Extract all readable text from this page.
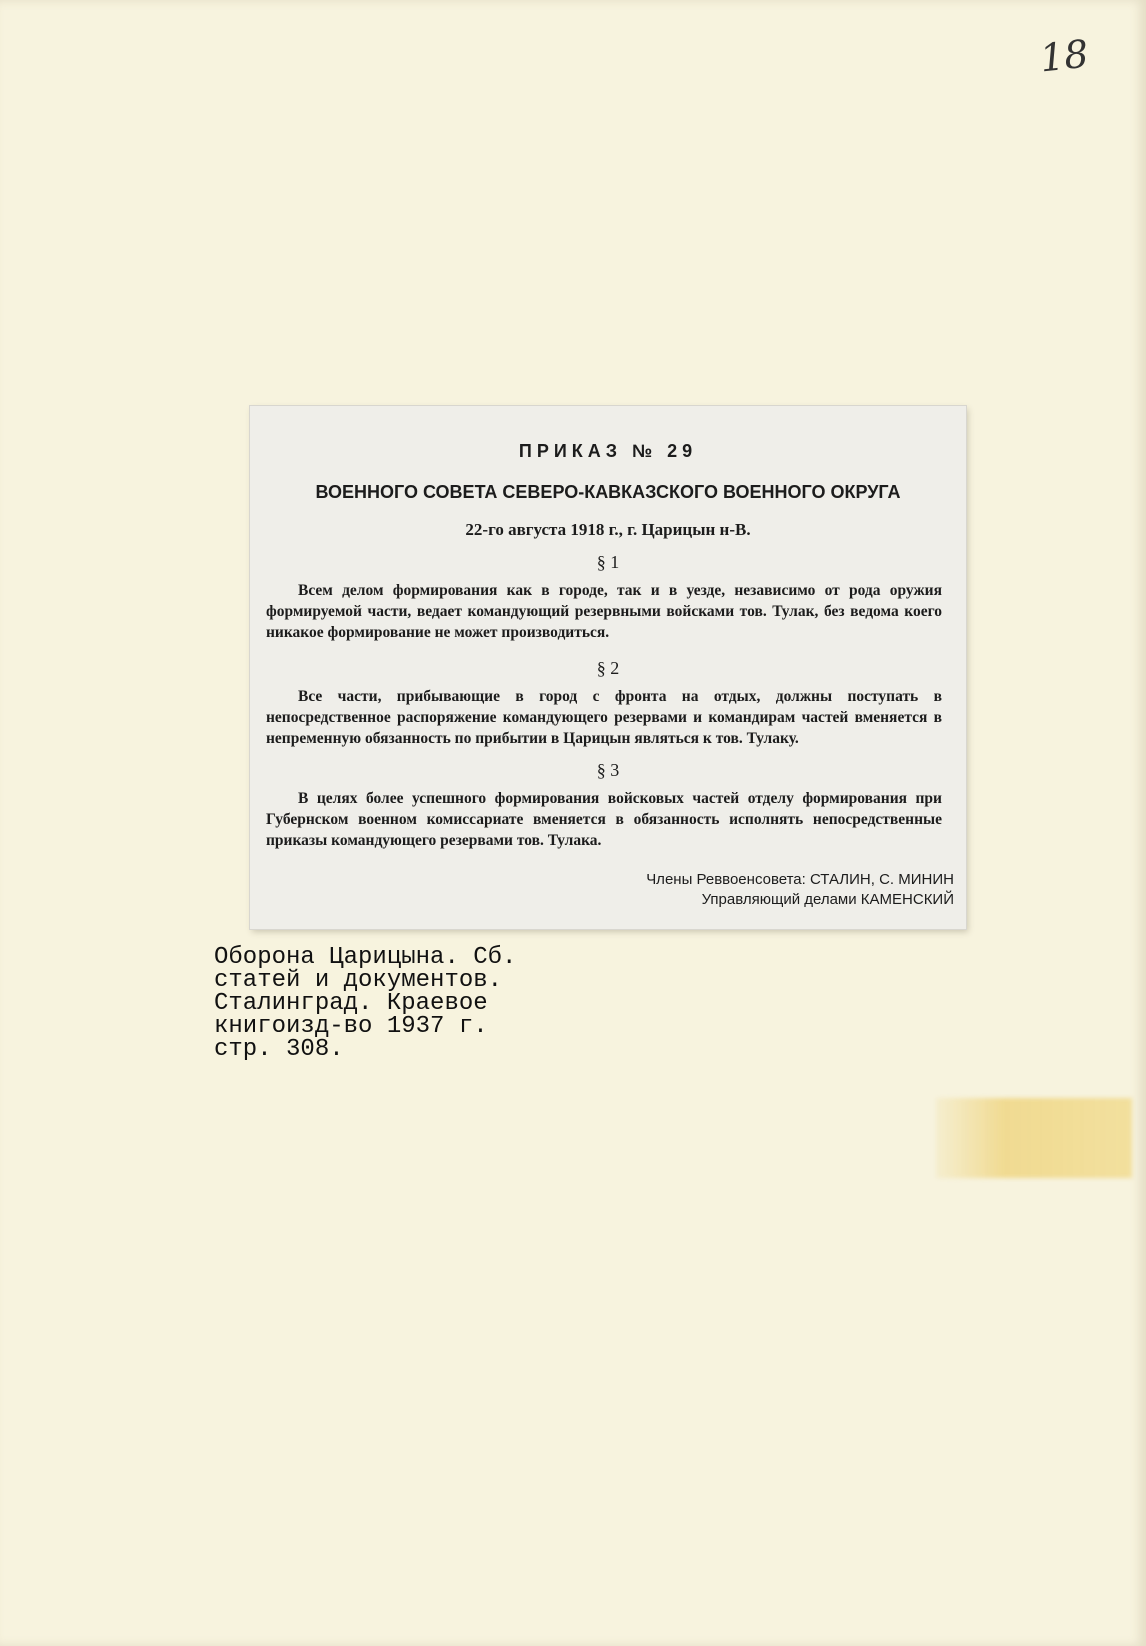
18
ПРИКАЗ № 29
ВОЕННОГО СОВЕТА СЕВЕРО-КАВКАЗСКОГО ВОЕННОГО ОКРУГА
22-го августа 1918 г., г. Царицын н-В.
§ 1
Всем делом формирования как в городе, так и в уезде, независимо от рода оружия формируемой части, ведает командующий резервными войсками тов. Тулак, без ведома коего никакое формирование не может производиться.
§ 2
Все части, прибывающие в город с фронта на отдых, должны поступать в непосредственное распоряжение командующего резервами и командирам частей вменяется в непременную обязанность по прибытии в Царицын являться к тов. Тулаку.
§ 3
В целях более успешного формирования войсковых частей отделу формирования при Губернском военном комиссариате вменяется в обязанность исполнять непосредственные приказы командующего резервами тов. Тулака.
Члены Реввоенсовета: СТАЛИН, С. МИНИН
Управляющий делами КАМЕНСКИЙ
Оборона Царицына. Сб.
статей и документов.
Сталинград. Краевое
книгоизд-во 1937 г.
стр. 308.
